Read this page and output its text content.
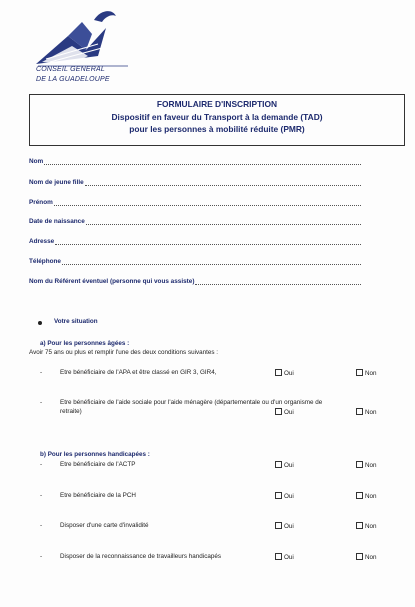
CONSEIL GENERAL
DE LA GUADELOUPE
FORMULAIRE D'INSCRIPTION
Dispositif en faveur du Transport à la demande (TAD)
pour les personnes à mobilité réduite (PMR)
Nom
Nom de jeune fille
Prénom
Date de naissance
Adresse
Téléphone
Nom du Référent éventuel (personne qui vous assiste)
Votre situation
a) Pour les personnes âgées :
Avoir 75 ans ou plus et remplir l'une des deux conditions suivantes :
-	Etre bénéficiaire de l'APA et être classé en GIR 3, GIR4,	Oui	Non
-	Etre bénéficiaire de l'aide sociale pour l'aide ménagère (départementale ou d'un organisme de
retraite)	Oui	Non
b) Pour les personnes handicapées :
-	Etre bénéficiaire de l'ACTP	Oui	Non
-	Etre bénéficiaire de la PCH	Oui	Non
-	Disposer d'une carte d'invalidité	Oui	Non
-	Disposer de la reconnaissance de travailleurs handicapés	Oui	Non
